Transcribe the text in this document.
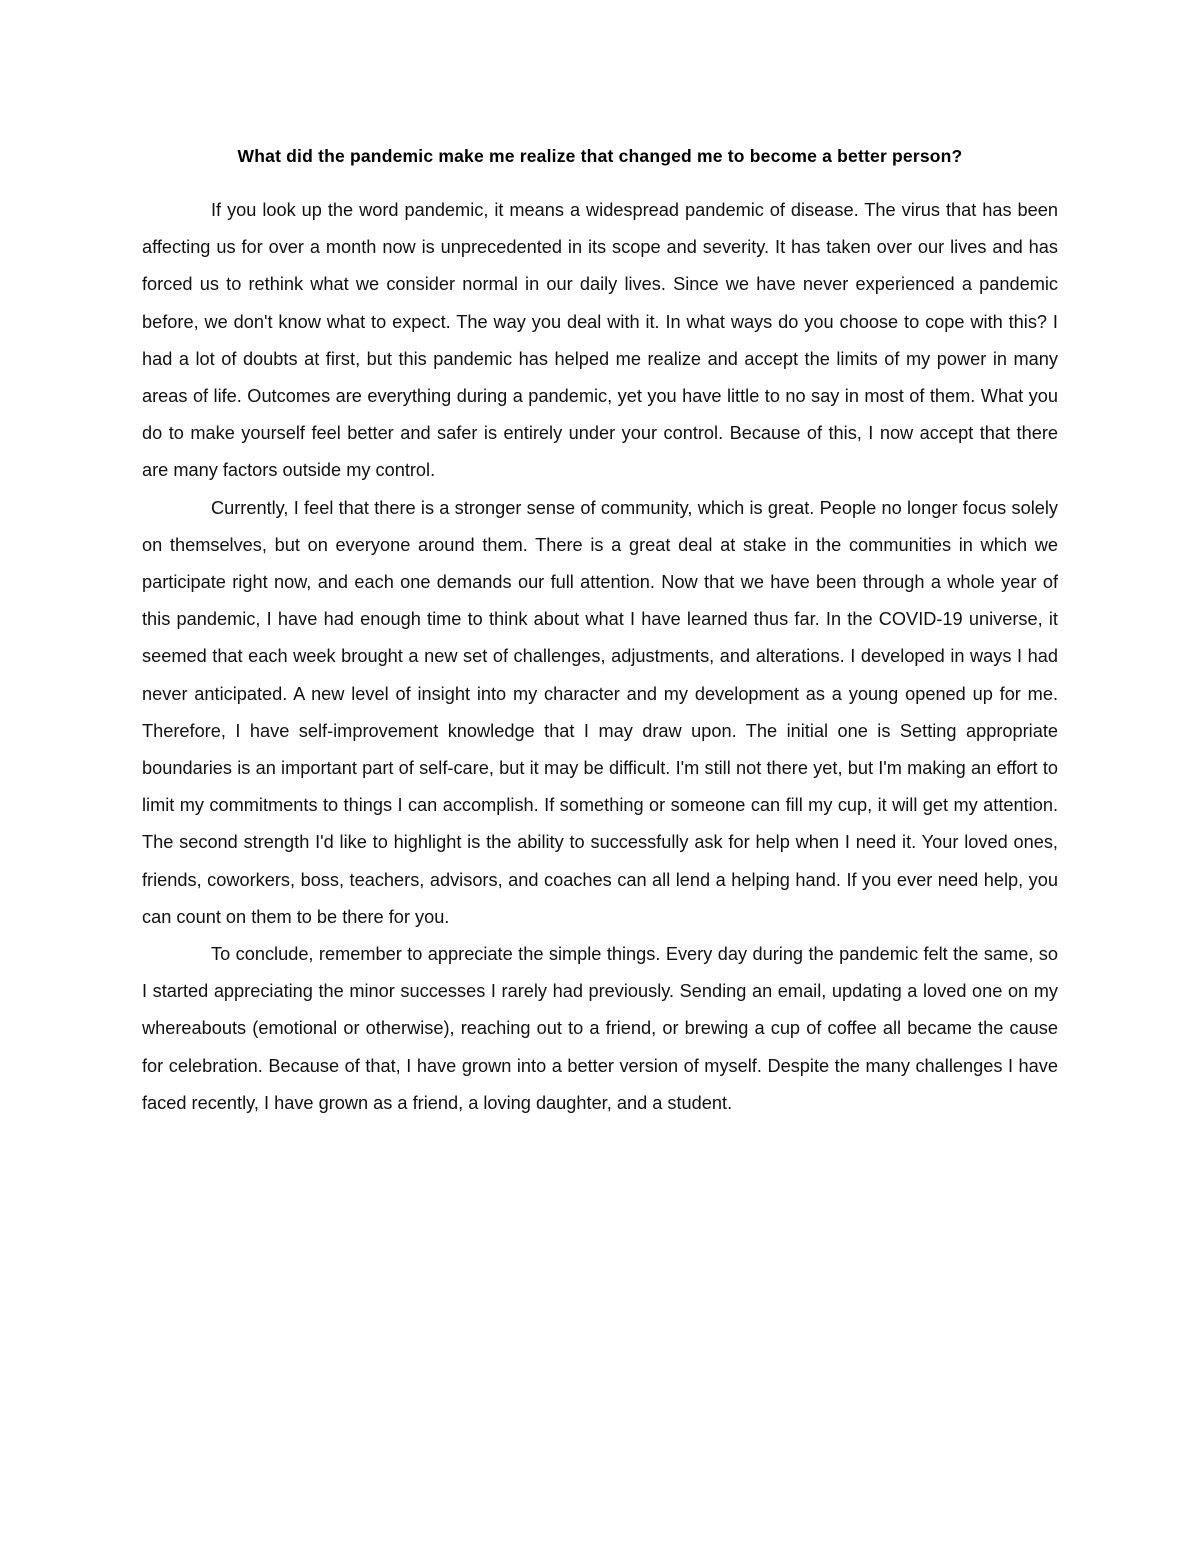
What did the pandemic make me realize that changed me to become a better person?

If you look up the word pandemic, it means a widespread pandemic of disease. The virus that has been affecting us for over a month now is unprecedented in its scope and severity. It has taken over our lives and has forced us to rethink what we consider normal in our daily lives. Since we have never experienced a pandemic before, we don't know what to expect. The way you deal with it. In what ways do you choose to cope with this? I had a lot of doubts at first, but this pandemic has helped me realize and accept the limits of my power in many areas of life. Outcomes are everything during a pandemic, yet you have little to no say in most of them. What you do to make yourself feel better and safer is entirely under your control. Because of this, I now accept that there are many factors outside my control.

Currently, I feel that there is a stronger sense of community, which is great. People no longer focus solely on themselves, but on everyone around them. There is a great deal at stake in the communities in which we participate right now, and each one demands our full attention. Now that we have been through a whole year of this pandemic, I have had enough time to think about what I have learned thus far. In the COVID-19 universe, it seemed that each week brought a new set of challenges, adjustments, and alterations. I developed in ways I had never anticipated. A new level of insight into my character and my development as a young opened up for me. Therefore, I have self-improvement knowledge that I may draw upon. The initial one is Setting appropriate boundaries is an important part of self-care, but it may be difficult. I'm still not there yet, but I'm making an effort to limit my commitments to things I can accomplish. If something or someone can fill my cup, it will get my attention. The second strength I'd like to highlight is the ability to successfully ask for help when I need it. Your loved ones, friends, coworkers, boss, teachers, advisors, and coaches can all lend a helping hand. If you ever need help, you can count on them to be there for you.

To conclude, remember to appreciate the simple things. Every day during the pandemic felt the same, so I started appreciating the minor successes I rarely had previously. Sending an email, updating a loved one on my whereabouts (emotional or otherwise), reaching out to a friend, or brewing a cup of coffee all became the cause for celebration. Because of that, I have grown into a better version of myself. Despite the many challenges I have faced recently, I have grown as a friend, a loving daughter, and a student.
